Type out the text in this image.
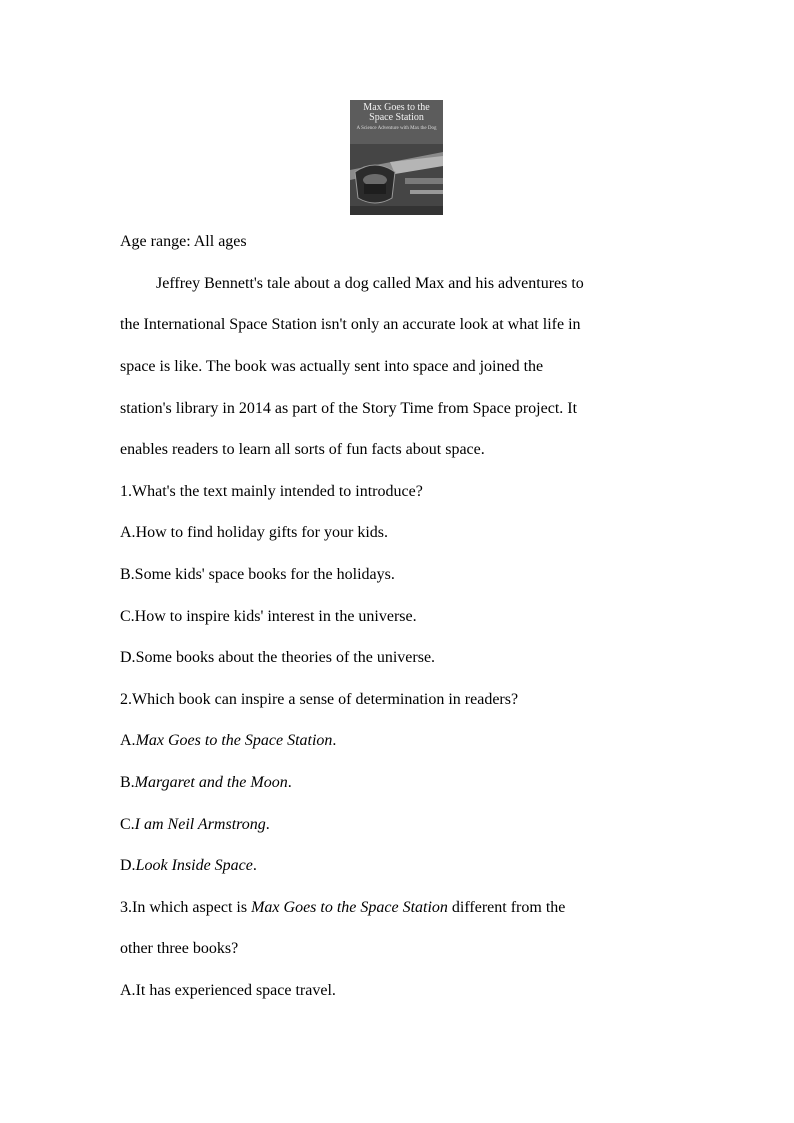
Max Goes to the
Space Station
A Science Adventure with Max the Dog
Age range: All ages
Jeffrey Bennett's tale about a dog called Max and his adventures to
the International Space Station isn't only an accurate look at what life in
space is like. The book was actually sent into space and joined the
station's library in 2014 as part of the Story Time from Space project. It
enables readers to learn all sorts of fun facts about space.
1.What's the text mainly intended to introduce?
A.How to find holiday gifts for your kids.
B.Some kids' space books for the holidays.
C.How to inspire kids' interest in the universe.
D.Some books about the theories of the universe.
2.Which book can inspire a sense of determination in readers?
A.Max Goes to the Space Station.
B.Margaret and the Moon.
C.I am Neil Armstrong.
D.Look Inside Space.
3.In which aspect is Max Goes to the Space Station different from the
other three books?
A.It has experienced space travel.
